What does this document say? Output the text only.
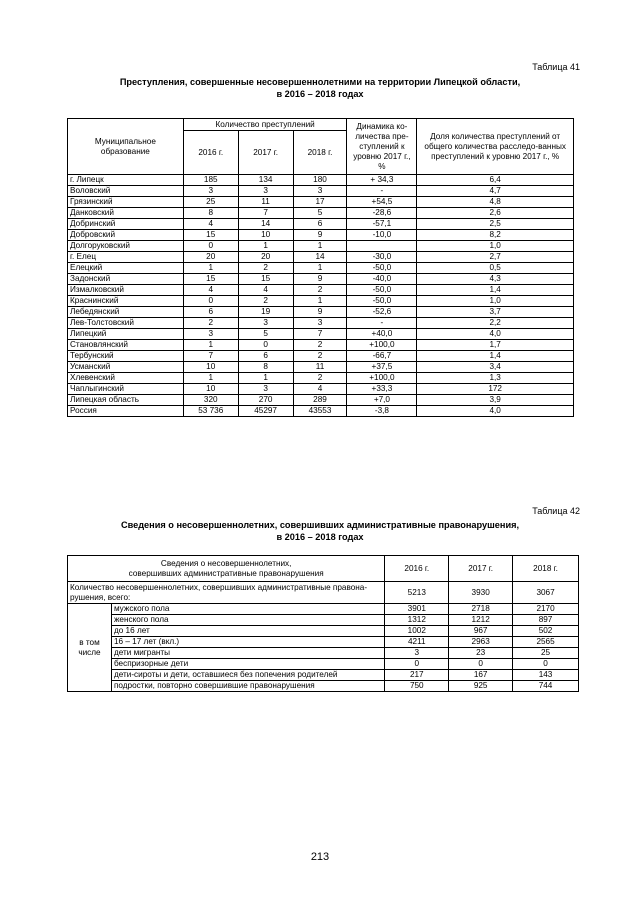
Таблица 41
Преступления, совершенные несовершеннолетними на территории Липецкой области,
в 2016 – 2018 годах
Муниципальное образование	Количество преступлений			Динамика ко-личества пре-ступлений к уровню 2017 г., %	Доля количества преступлений от общего количества расследо-ванных преступлений к уровню 2017 г., %
	2016 г.	2017 г.	2018 г.		
г. Липецк	185	134	180	+ 34,3	6,4
Воловский	3	3	3	-	4,7
Грязинский	25	11	17	+54,5	4,8
Данковский	8	7	5	-28,6	2,6
Добринский	4	14	6	-57,1	2,5
Добровский	15	10	9	-10,0	8,2
Долгоруковский	0	1	1		1,0
г. Елец	20	20	14	-30,0	2,7
Елецкий	1	2	1	-50,0	0,5
Задонский	15	15	9	-40,0	4,3
Измалковский	4	4	2	-50,0	1,4
Краснинский	0	2	1	-50,0	1,0
Лебедянский	6	19	9	-52,6	3,7
Лев-Толстовский	2	3	3	-	2,2
Липецкий	3	5	7	+40,0	4,0
Становлянский	1	0	2	+100,0	1,7
Тербунский	7	6	2	-66,7	1,4
Усманский	10	8	11	+37,5	3,4
Хлевенский	1	1	2	+100,0	1,3
Чаплыгинский	10	3	4	+33,3	172
Липецкая область	320	270	289	+7,0	3,9
Россия	53 736	45297	43553	-3,8	4,0
Таблица 42
Сведения о несовершеннолетних, совершивших административные правонарушения,
в 2016 – 2018 годах
Сведения о несовершеннолетних,
совершивших административные правонарушения		2016 г.	2017 г.	2018 г.
Количество несовершеннолетних, совершивших административные правона-рушения, всего:		5213	3930	3067
в том числе	мужского пола	3901	2718	2170
	женского пола	1312	1212	897
	до 16 лет	1002	967	502
	16 – 17 лет (вкл.)	4211	2963	2565
	дети мигранты	3	23	25
	беспризорные дети	0	0	0
	дети-сироты и дети, оставшиеся без попечения родителей	217	167	143
	подростки, повторно совершившие правонарушения	750	925	744
213
